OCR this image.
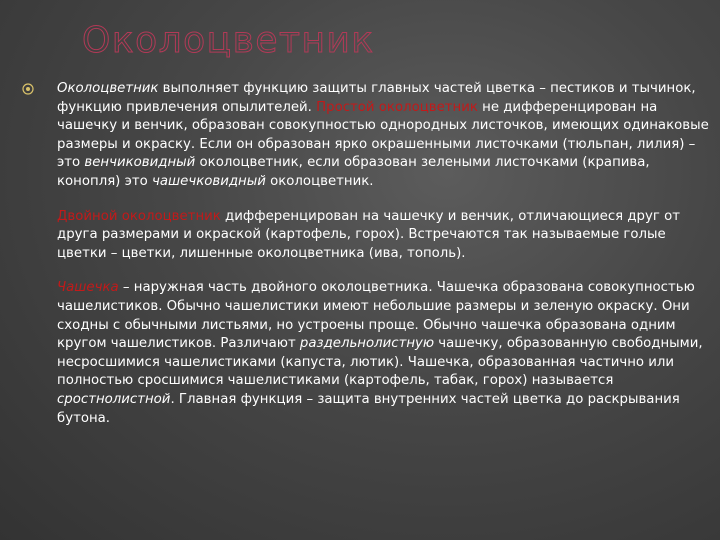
Околоцветник

Околоцветник выполняет функцию защиты главных частей цветка – пестиков и тычинок, функцию привлечения опылителей. Простой околоцветник не дифференцирован на чашечку и венчик, образован совокупностью однородных листочков, имеющих одинаковые размеры и окраску. Если он образован ярко окрашенными листочками (тюльпан, лилия) – это венчиковидный околоцветник, если образован зелеными листочками (крапива, конопля) это чашечковидный околоцветник.

Двойной околоцветник дифференцирован на чашечку и венчик, отличающиеся друг от друга размерами и окраской (картофель, горох). Встречаются так называемые голые цветки – цветки, лишенные околоцветника (ива, тополь).

Чашечка – наружная часть двойного околоцветника. Чашечка образована совокупностью чашелистиков. Обычно чашелистики имеют небольшие размеры и зеленую окраску. Они сходны с обычными листьями, но устроены проще. Обычно чашечка образована одним кругом чашелистиков. Различают раздельнолистную чашечку, образованную свободными, несросшимися чашелистиками (капуста, лютик). Чашечка, образованная частично или полностью сросшимися чашелистиками (картофель, табак, горох) называется сростнолистной. Главная функция – защита внутренних частей цветка до раскрывания бутона.
